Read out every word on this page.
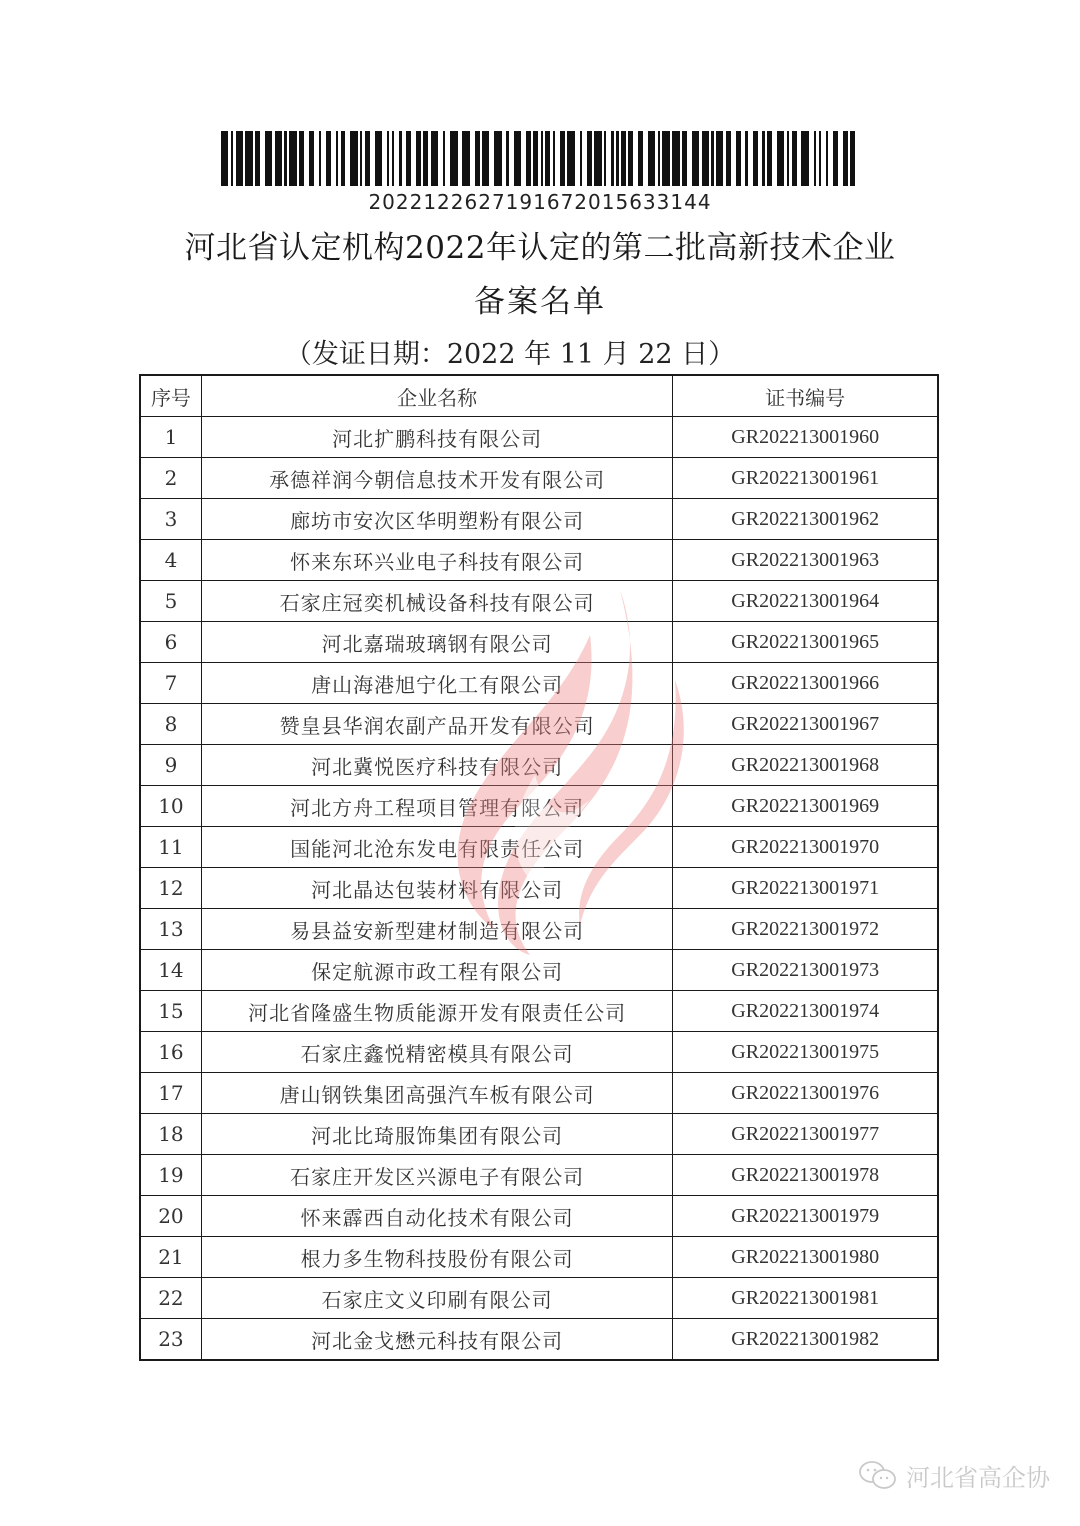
20221226271916720156331​44
河北省认定机构2022年认定的第二批高新技术企业
备案名单
（发证日期：2022 年 11 月 22 日）
序号	企业名称	证书编号
1	河北扩鹏科技有限公司	GR202213001960
2	承德祥润今朝信息技术开发有限公司	GR202213001961
3	廊坊市安次区华明塑粉有限公司	GR202213001962
4	怀来东环兴业电子科技有限公司	GR202213001963
5	石家庄冠奕机械设备科技有限公司	GR202213001964
6	河北嘉瑞玻璃钢有限公司	GR202213001965
7	唐山海港旭宁化工有限公司	GR202213001966
8	赞皇县华润农副产品开发有限公司	GR202213001967
9	河北冀悦医疗科技有限公司	GR202213001968
10	河北方舟工程项目管理有限公司	GR202213001969
11	国能河北沧东发电有限责任公司	GR202213001970
12	河北晶达包装材料有限公司	GR202213001971
13	易县益安新型建材制造有限公司	GR202213001972
14	保定航源市政工程有限公司	GR202213001973
15	河北省隆盛生物质能源开发有限责任公司	GR202213001974
16	石家庄鑫悦精密模具有限公司	GR202213001975
17	唐山钢铁集团高强汽车板有限公司	GR202213001976
18	河北比琦服饰集团有限公司	GR202213001977
19	石家庄开发区兴源电子有限公司	GR202213001978
20	怀来霹西自动化技术有限公司	GR202213001979
21	根力多生物科技股份有限公司	GR202213001980
22	石家庄文义印刷有限公司	GR202213001981
23	河北金戈懋元科技有限公司	GR202213001982
河北省高企协
